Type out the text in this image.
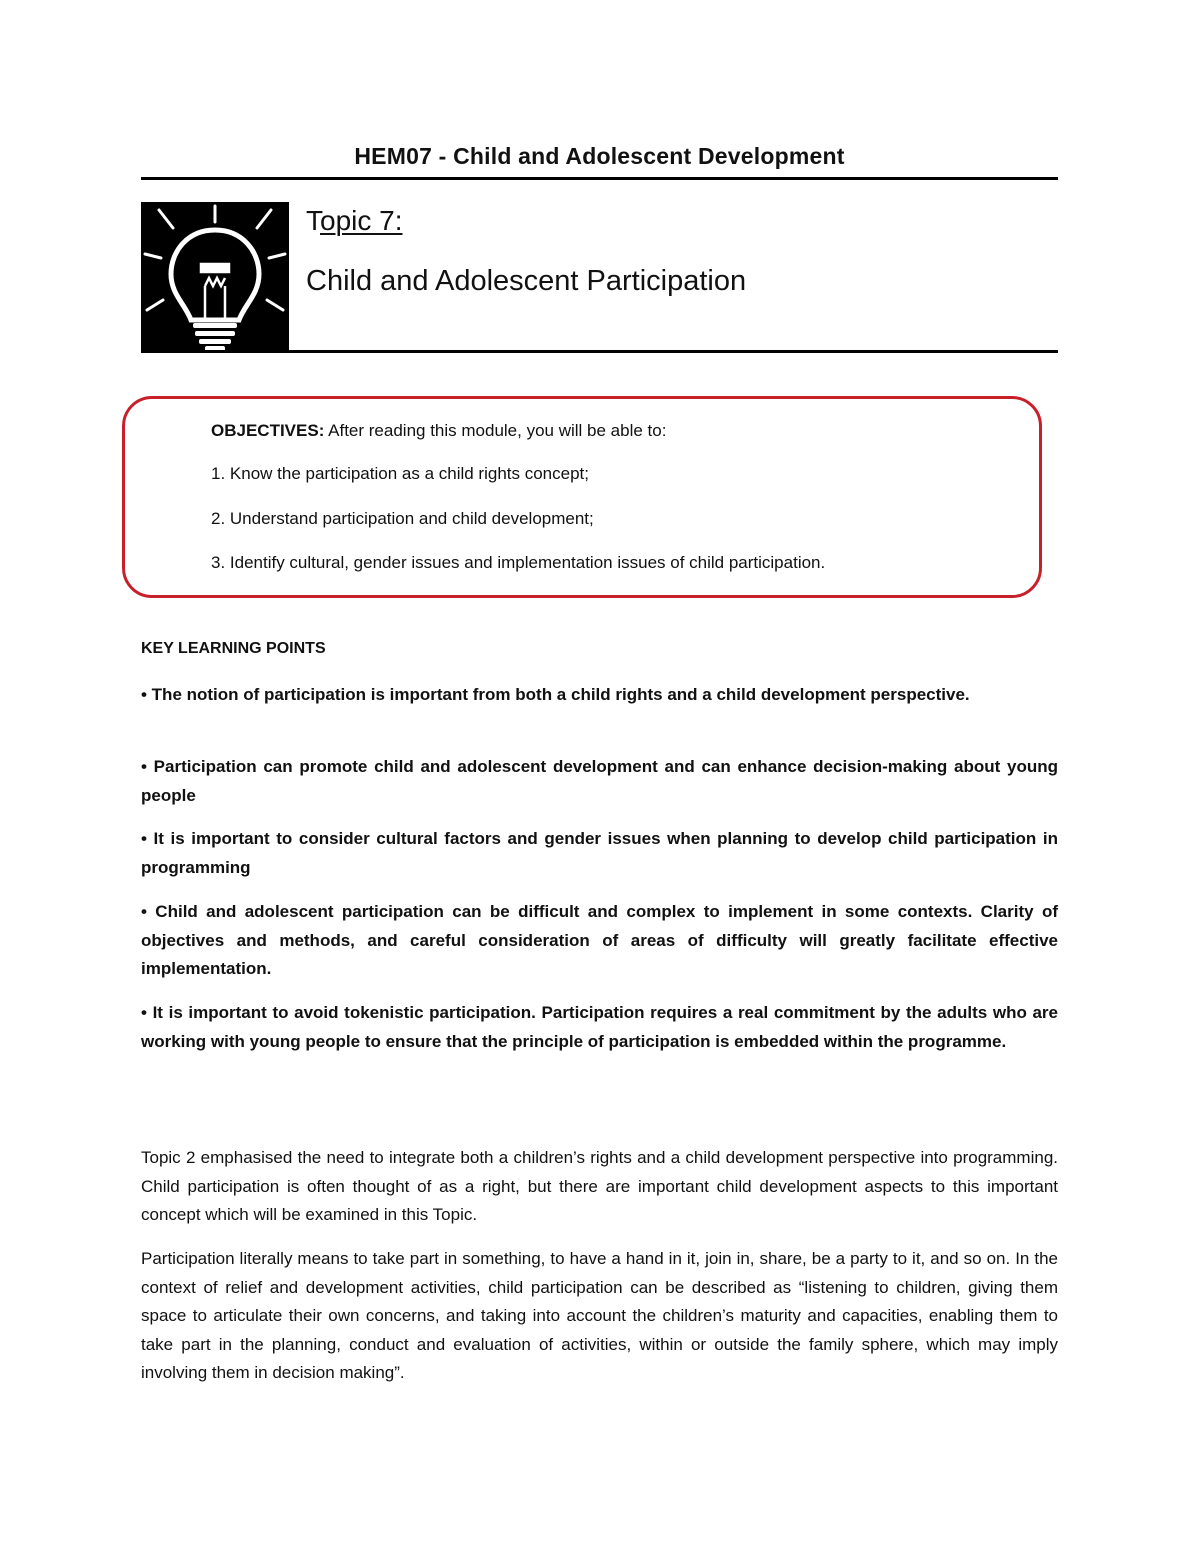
HEM07 - Child and Adolescent Development
Topic 7:
Child and Adolescent Participation
OBJECTIVES: After reading this module, you will be able to:
1. Know the participation as a child rights concept;
2. Understand participation and child development;
3. Identify cultural, gender issues and implementation issues of child participation.
KEY LEARNING POINTS
• The notion of participation is important from both a child rights and a child development perspective.
• Participation can promote child and adolescent development and can enhance decision-making about young people
• It is important to consider cultural factors and gender issues when planning to develop child participation in programming
• Child and adolescent participation can be difficult and complex to implement in some contexts. Clarity of objectives and methods, and careful consideration of areas of difficulty will greatly facilitate effective implementation.
• It is important to avoid tokenistic participation. Participation requires a real commitment by the adults who are working with young people to ensure that the principle of participation is embedded within the programme.
Topic 2 emphasised the need to integrate both a children’s rights and a child development perspective into programming. Child participation is often thought of as a right, but there are important child development aspects to this important concept which will be examined in this Topic.
Participation literally means to take part in something, to have a hand in it, join in, share, be a party to it, and so on. In the context of relief and development activities, child participation can be described as “listening to children, giving them space to articulate their own concerns, and taking into account the children’s maturity and capacities, enabling them to take part in the planning, conduct and evaluation of activities, within or outside the family sphere, which may imply involving them in decision making”.
